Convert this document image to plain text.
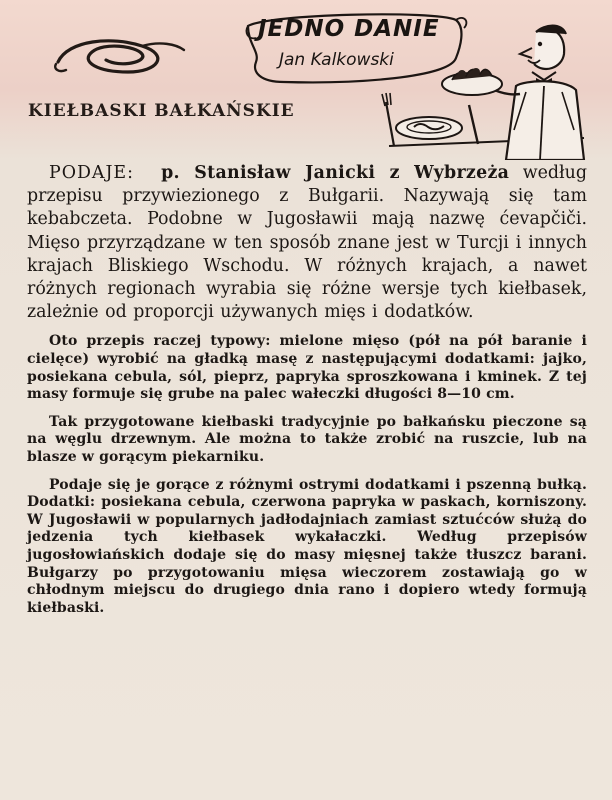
JEDNO DANIE
Jan Kalkowski
KIEŁBASKI BAŁKAŃSKIE

PODAJE: p. Stanisław Janicki z Wybrzeża według przepisu przywiezionego z Bułgarii. Nazywają się tam kebabczeta. Podobne w Jugosławii mają nazwę ćevapčiči. Mięso przyrządzane w ten sposób znane jest w Turcji i innych krajach Bliskiego Wschodu. W różnych krajach, a nawet różnych regionach wyrabia się różne wersje tych kiełbasek, zależnie od proporcji używanych mięs i dodatków.

Oto przepis raczej typowy: mielone mięso (pół na pół baranie i cielęce) wyrobić na gładką masę z następującymi dodatkami: jajko, posiekana cebula, sól, pieprz, papryka sproszkowana i kminek. Z tej masy formuje się grube na palec wałeczki długości 8—10 cm.

Tak przygotowane kiełbaski tradycyjnie po bałkańsku pieczone są na węglu drzewnym. Ale można to także zrobić na ruszcie, lub na blasze w gorącym piekarniku.

Podaje się je gorące z różnymi ostrymi dodatkami i pszenną bułką. Dodatki: posiekana cebula, czerwona papryka w paskach, korniszony. W Jugosławii w popularnych jadłodajniach zamiast sztućców służą do jedzenia tych kiełbasek wykałaczki. Według przepisów jugosłowiańskich dodaje się do masy mięsnej także tłuszcz barani. Bułgarzy po przygotowaniu mięsa wieczorem zostawiają go w chłodnym miejscu do drugiego dnia rano i dopiero wtedy formują kiełbaski.
